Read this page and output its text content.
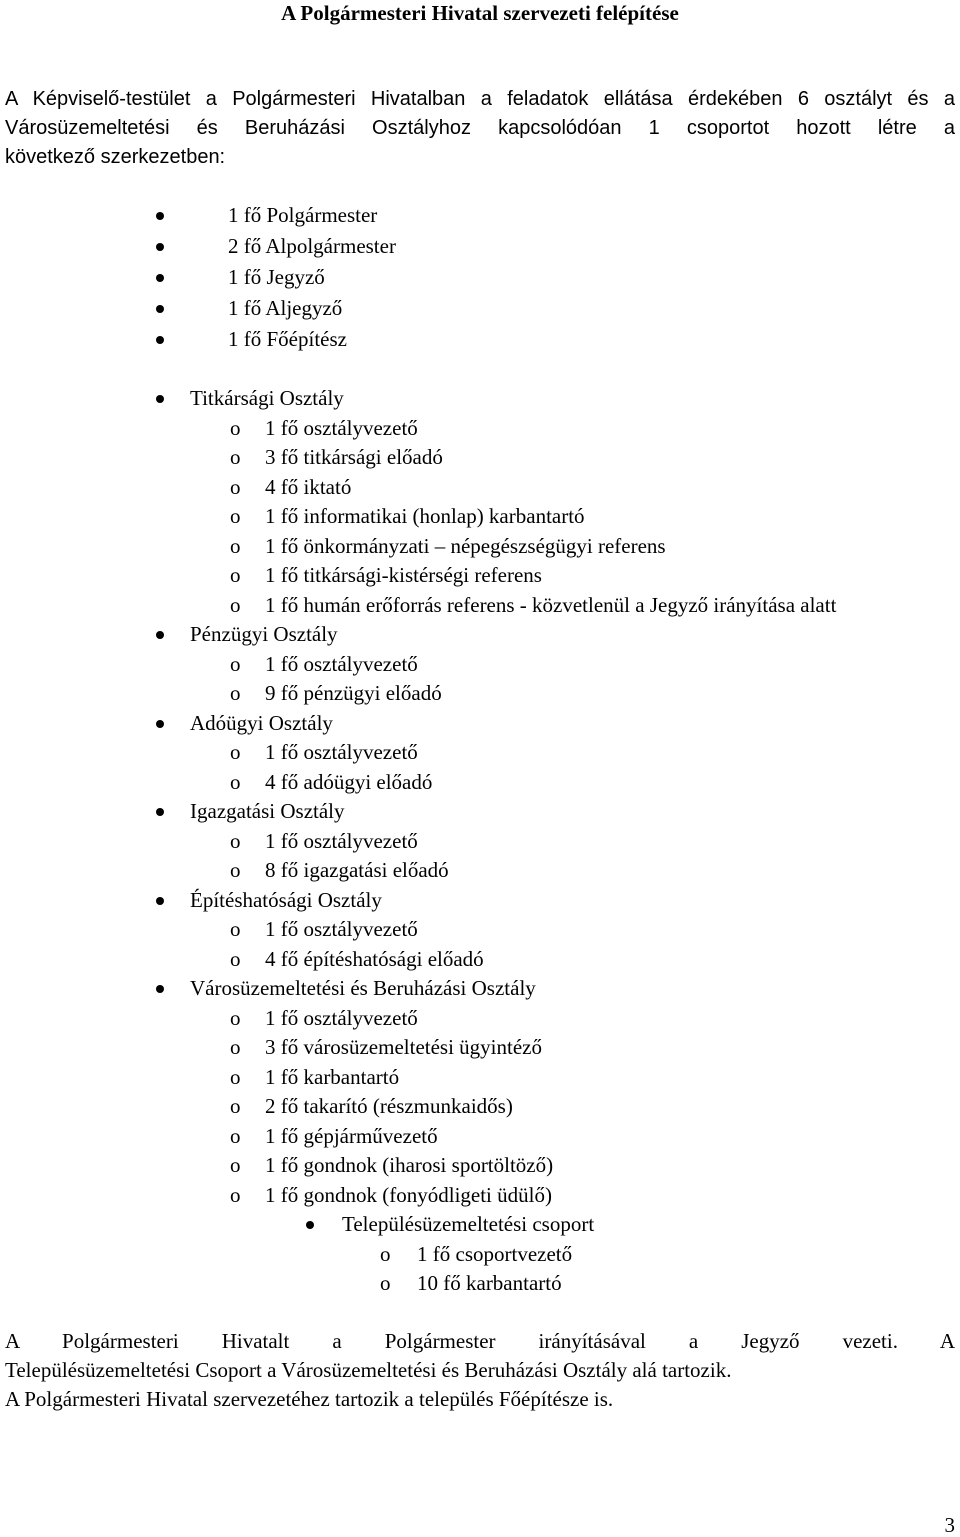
A Polgármesteri Hivatal szervezeti felépítése
A Képviselő-testület a Polgármesteri Hivatalban a feladatok ellátása érdekében 6 osztályt és a
Városüzemeltetési és Beruházási Osztályhoz kapcsolódóan 1 csoportot hozott létre a
következő szerkezetben:
1 fő Polgármester
2 fő Alpolgármester
1 fő Jegyző
1 fő Aljegyző
1 fő Főépítész
Titkársági Osztály
o 1 fő osztályvezető
o 3 fő titkársági előadó
o 4 fő iktató
o 1 fő informatikai (honlap) karbantartó
o 1 fő önkormányzati – népegészségügyi referens
o 1 fő titkársági-kistérségi referens
o 1 fő humán erőforrás referens - közvetlenül a Jegyző irányítása alatt
Pénzügyi Osztály
o 1 fő osztályvezető
o 9 fő pénzügyi előadó
Adóügyi Osztály
o 1 fő osztályvezető
o 4 fő adóügyi előadó
Igazgatási Osztály
o 1 fő osztályvezető
o 8 fő igazgatási előadó
Építéshatósági Osztály
o 1 fő osztályvezető
o 4 fő építéshatósági előadó
Városüzemeltetési és Beruházási Osztály
o 1 fő osztályvezető
o 3 fő városüzemeltetési ügyintéző
o 1 fő karbantartó
o 2 fő takarító (részmunkaidős)
o 1 fő gépjárművezető
o 1 fő gondnok (iharosi sportöltöző)
o 1 fő gondnok (fonyódligeti üdülő)
Településüzemeltetési csoport
o 1 fő csoportvezető
o 10 fő karbantartó
A Polgármesteri Hivatalt a Polgármester irányításával a Jegyző vezeti. A
Településüzemeltetési Csoport a Városüzemeltetési és Beruházási Osztály alá tartozik.
A Polgármesteri Hivatal szervezetéhez tartozik a település Főépítésze is.
3
